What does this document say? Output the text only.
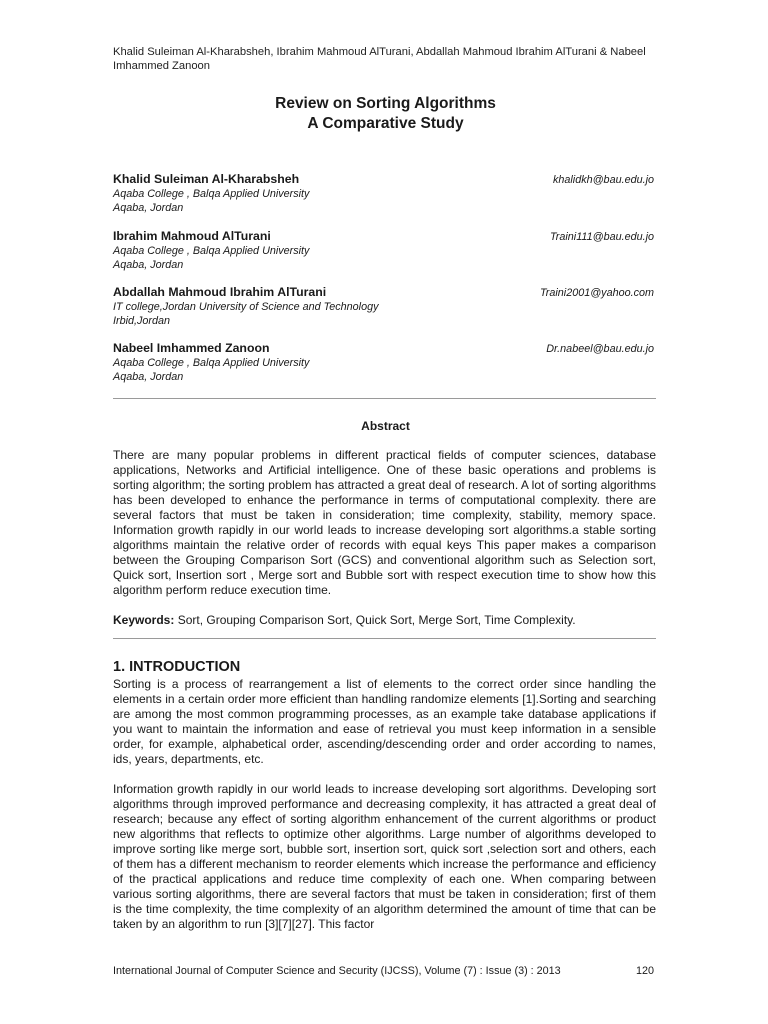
Khalid Suleiman Al-Kharabsheh, Ibrahim Mahmoud AlTurani, Abdallah Mahmoud Ibrahim AlTurani & Nabeel Imhammed Zanoon
Review on Sorting Algorithms
A Comparative Study
Khalid Suleiman Al-Kharabsheh
Aqaba College , Balqa Applied University
Aqaba, Jordan
khalidkh@bau.edu.jo
Ibrahim Mahmoud AlTurani
Aqaba College , Balqa Applied University
Aqaba, Jordan
Traini111@bau.edu.jo
Abdallah Mahmoud Ibrahim AlTurani
IT college,Jordan University of Science and Technology
Irbid,Jordan
Traini2001@yahoo.com
Nabeel Imhammed Zanoon
Aqaba College , Balqa Applied University
Aqaba, Jordan
Dr.nabeel@bau.edu.jo
Abstract

There are many popular problems in different practical fields of computer sciences, database applications, Networks and Artificial intelligence. One of these basic operations and problems is sorting algorithm; the sorting problem has attracted a great deal of research. A lot of sorting algorithms has been developed to enhance the performance in terms of computational complexity. there are several factors that must be taken in consideration; time complexity, stability, memory space. Information growth rapidly in our world leads to increase developing sort algorithms.a stable sorting algorithms maintain the relative order of records with equal keys This paper makes a comparison between the Grouping Comparison Sort (GCS) and conventional algorithm such as Selection sort, Quick sort, Insertion sort , Merge sort and Bubble sort with respect execution time to show how this algorithm perform reduce execution time.

Keywords: Sort, Grouping Comparison Sort, Quick Sort, Merge Sort, Time Complexity.

1. INTRODUCTION

Sorting is a process of rearrangement a list of elements to the correct order since handling the elements in a certain order more efficient than handling randomize elements [1].Sorting and searching are among the most common programming processes, as an example take database applications if you want to maintain the information and ease of retrieval you must keep information in a sensible order, for example, alphabetical order, ascending/descending order and order according to names, ids, years, departments, etc.

Information growth rapidly in our world leads to increase developing sort algorithms. Developing sort algorithms through improved performance and decreasing complexity, it has attracted a great deal of research; because any effect of sorting algorithm enhancement of the current algorithms or product new algorithms that reflects to optimize other algorithms. Large number of algorithms developed to improve sorting like merge sort, bubble sort, insertion sort, quick sort ,selection sort and others, each of them has a different mechanism to reorder elements which increase the performance and efficiency of the practical applications and reduce time complexity of each one. When comparing between various sorting algorithms, there are several factors that must be taken in consideration; first of them is the time complexity, the time complexity of an algorithm determined the amount of time that can be taken by an algorithm to run [3][7][27]. This factor

International Journal of Computer Science and Security (IJCSS), Volume (7) : Issue (3) : 2013	120
